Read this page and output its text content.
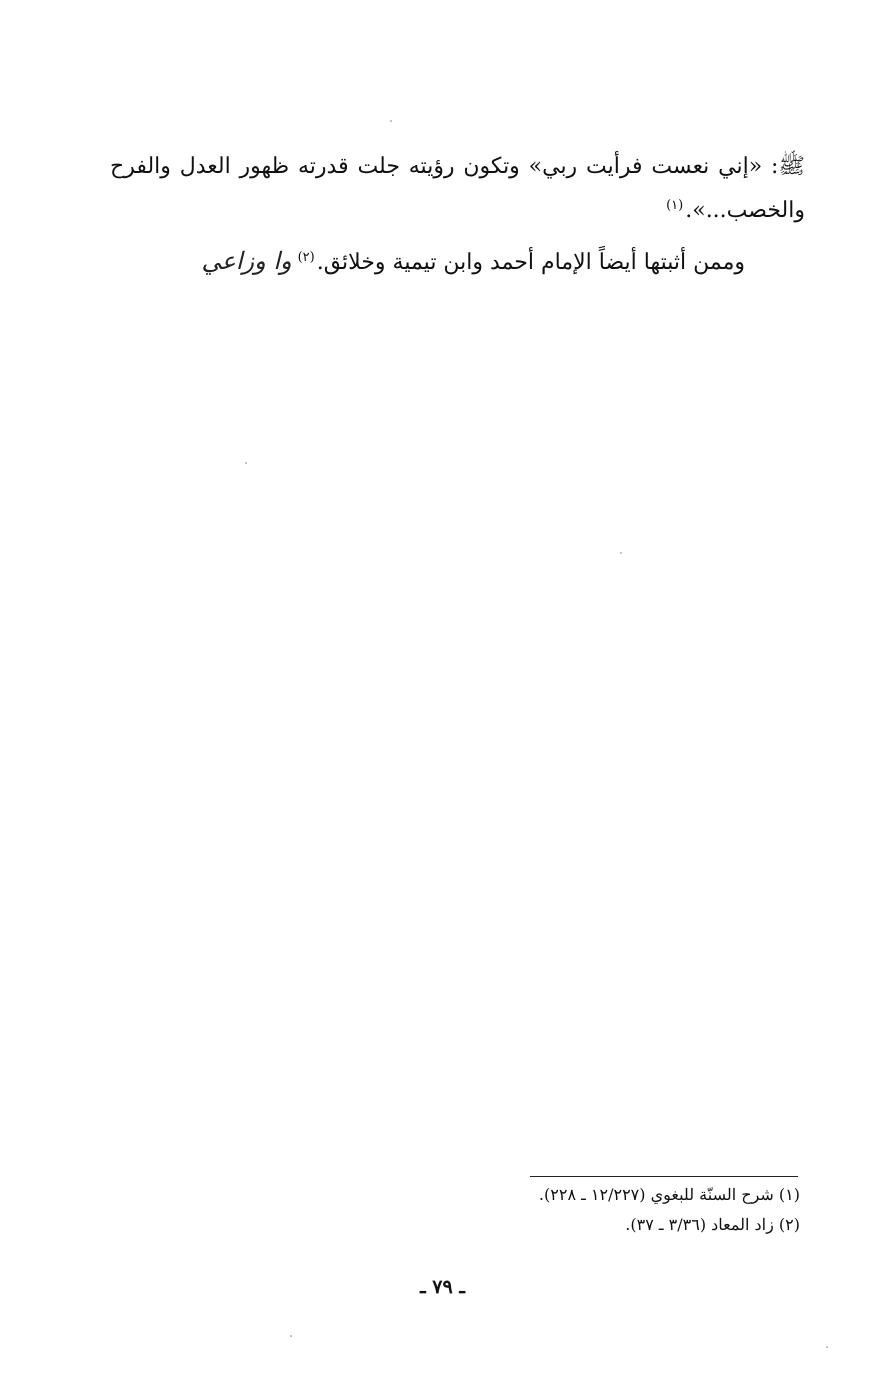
ﷺ: «إني نعست فرأيت ربي» وتكون رؤيته جلت قدرته ظهور العدل والفرح والخصب...».$^{(١)}$

وممن أثبتها أيضاً الإمام أحمد وابن تيمية وخلائق.$^{(٢)}$وا وزاعي

(١) شرح السنّة للبغوي (١٢/٢٢٧ ـ ٢٢٨).

(٢) زاد المعاد (٣/٣٦ ـ ٣٧).

ـ ٧٩ ـ
